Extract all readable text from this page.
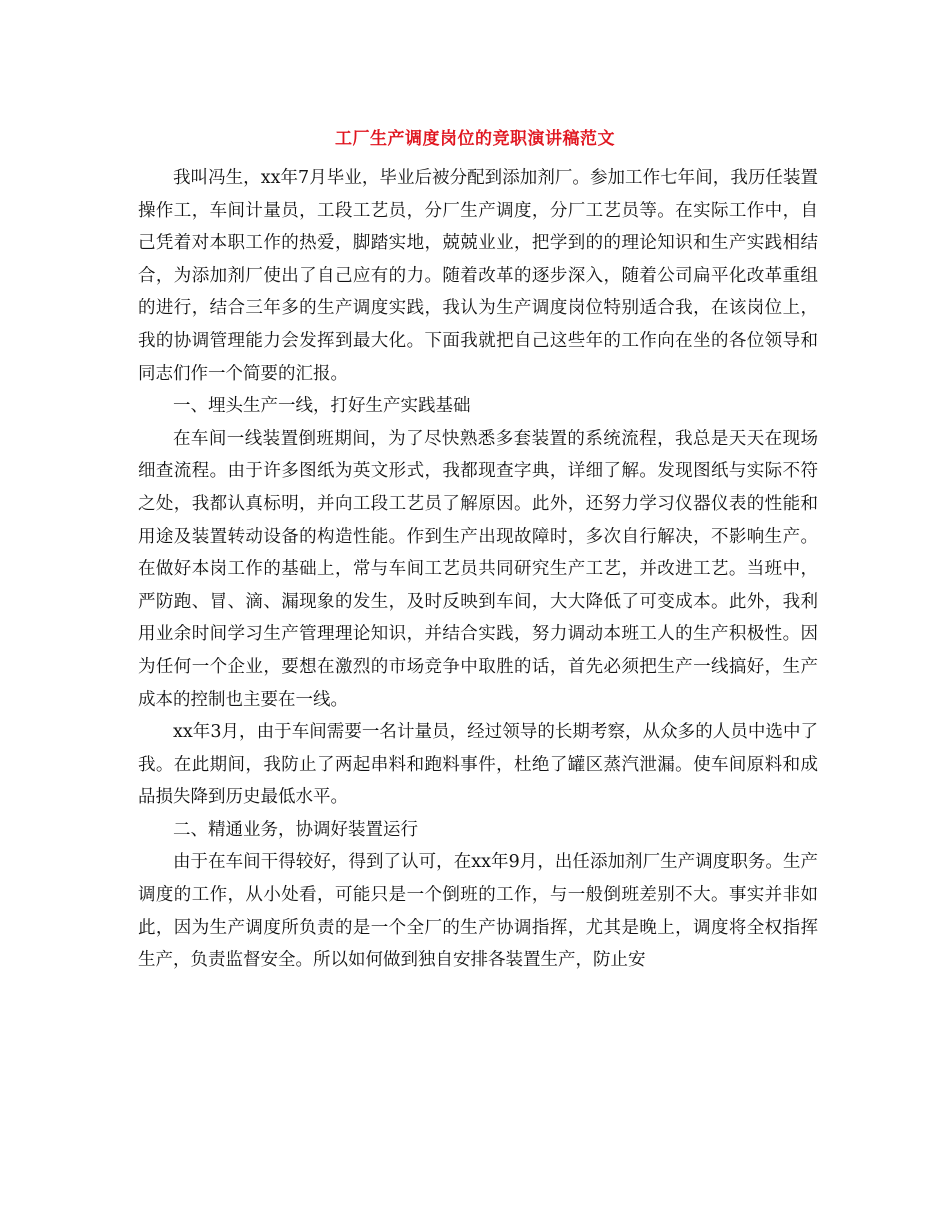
工厂生产调度岗位的竞职演讲稿范文

我叫冯生，xx年7月毕业，毕业后被分配到添加剂厂。参加工作七年间，我历任装置操作工，车间计量员，工段工艺员，分厂生产调度，分厂工艺员等。在实际工作中，自己凭着对本职工作的热爱，脚踏实地，兢兢业业，把学到的的理论知识和生产实践相结合，为添加剂厂使出了自己应有的力。随着改革的逐步深入，随着公司扁平化改革重组的进行，结合三年多的生产调度实践，我认为生产调度岗位特别适合我，在该岗位上，我的协调管理能力会发挥到最大化。下面我就把自己这些年的工作向在坐的各位领导和同志们作一个简要的汇报。

一、埋头生产一线，打好生产实践基础

在车间一线装置倒班期间，为了尽快熟悉多套装置的系统流程，我总是天天在现场细查流程。由于许多图纸为英文形式，我都现查字典，详细了解。发现图纸与实际不符之处，我都认真标明，并向工段工艺员了解原因。此外，还努力学习仪器仪表的性能和用途及装置转动设备的构造性能。作到生产出现故障时，多次自行解决，不影响生产。在做好本岗工作的基础上，常与车间工艺员共同研究生产工艺，并改进工艺。当班中，严防跑、冒、滴、漏现象的发生，及时反映到车间，大大降低了可变成本。此外，我利用业余时间学习生产管理理论知识，并结合实践，努力调动本班工人的生产积极性。因为任何一个企业，要想在激烈的市场竞争中取胜的话，首先必须把生产一线搞好，生产成本的控制也主要在一线。

xx年3月，由于车间需要一名计量员，经过领导的长期考察，从众多的人员中选中了我。在此期间，我防止了两起串料和跑料事件，杜绝了罐区蒸汽泄漏。使车间原料和成品损失降到历史最低水平。

二、精通业务，协调好装置运行

由于在车间干得较好，得到了认可，在xx年9月，出任添加剂厂生产调度职务。生产调度的工作，从小处看，可能只是一个倒班的工作，与一般倒班差别不大。事实并非如此，因为生产调度所负责的是一个全厂的生产协调指挥，尤其是晚上，调度将全权指挥生产，负责监督安全。所以如何做到独自安排各装置生产，防止安
